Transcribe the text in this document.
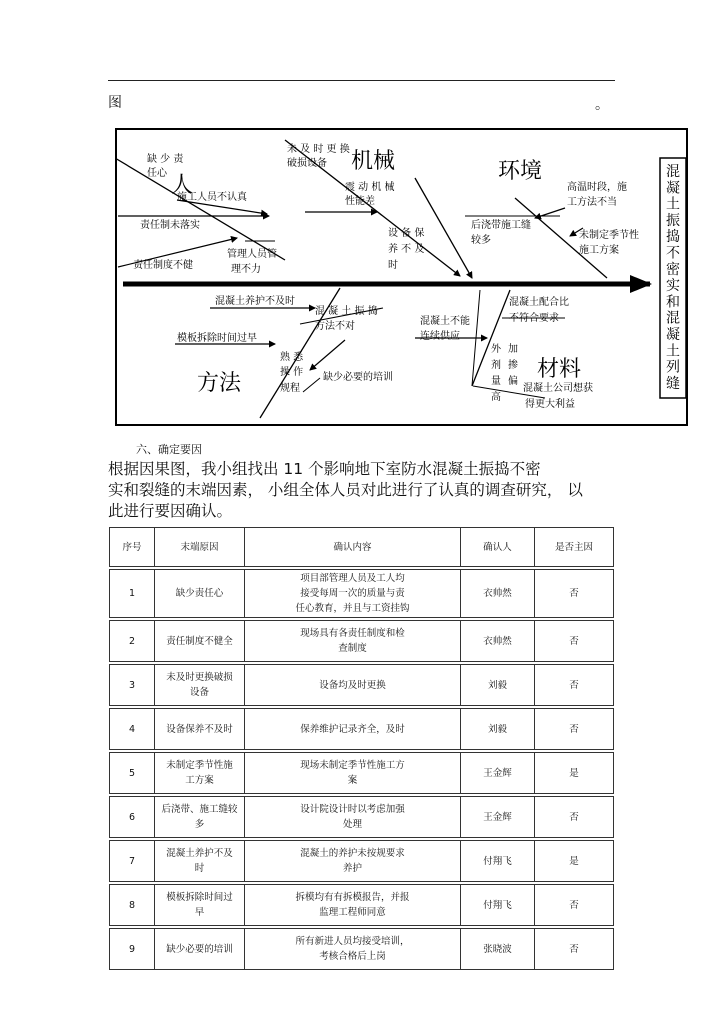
图	。
混凝土振捣不密实和混凝土列缝
人
机械	环境
方法
材料
缺 少 责任心
施工人员不认真
责任制未落实
责任制度不健
管理人员管理不力
未 及 时 更 换破损设备
震 动 机 械性能差
设 备 保养 不 及时
后浇带施工缝较多
高温时段，施工方法不当
未制定季节性施工方案
混凝土养护不及时
混 凝 土 振 捣方法不对
模板拆除时间过早
熟 悉操 作规程
缺少必要的培训
混凝土不能连续供应
混凝土配合比不符合要求
外剂量高
加掺偏
混凝土公司想获得更大利益
六、确定要因
根据因果图，我小组找出 11 个影响地下室防水混凝土振捣不密
实和裂缝的末端因素， 小组全体人员对此进行了认真的调查研究， 以
此进行要因确认。
序号	末端原因	确认内容	确认人	是否主因

1	缺少责任心	项目部管理人员及工人均
接受每周一次的质量与责
任心教育，并且与工资挂钩	衣帅然	否

2	责任制度不健全	现场具有各责任制度和检
查制度	衣帅然	否

3	未及时更换破损
设备	设备均及时更换	刘毅	否

4	设备保养不及时	保养维护记录齐全，及时	刘毅	否

5	未制定季节性施
工方案	现场未制定季节性施工方
案	王金辉	是

6	后浇带、施工缝较
多	设计院设计时以考虑加强
处理	王金辉	否

7	混凝土养护不及
时	混凝土的养护未按规要求
养护	付翔飞	是

8	模板拆除时间过
早	拆模均有有拆模报告，并报
监理工程师同意	付翔飞	否

9	缺少必要的培训	所有新进人员均接受培训，
考核合格后上岗	张晓波	否
